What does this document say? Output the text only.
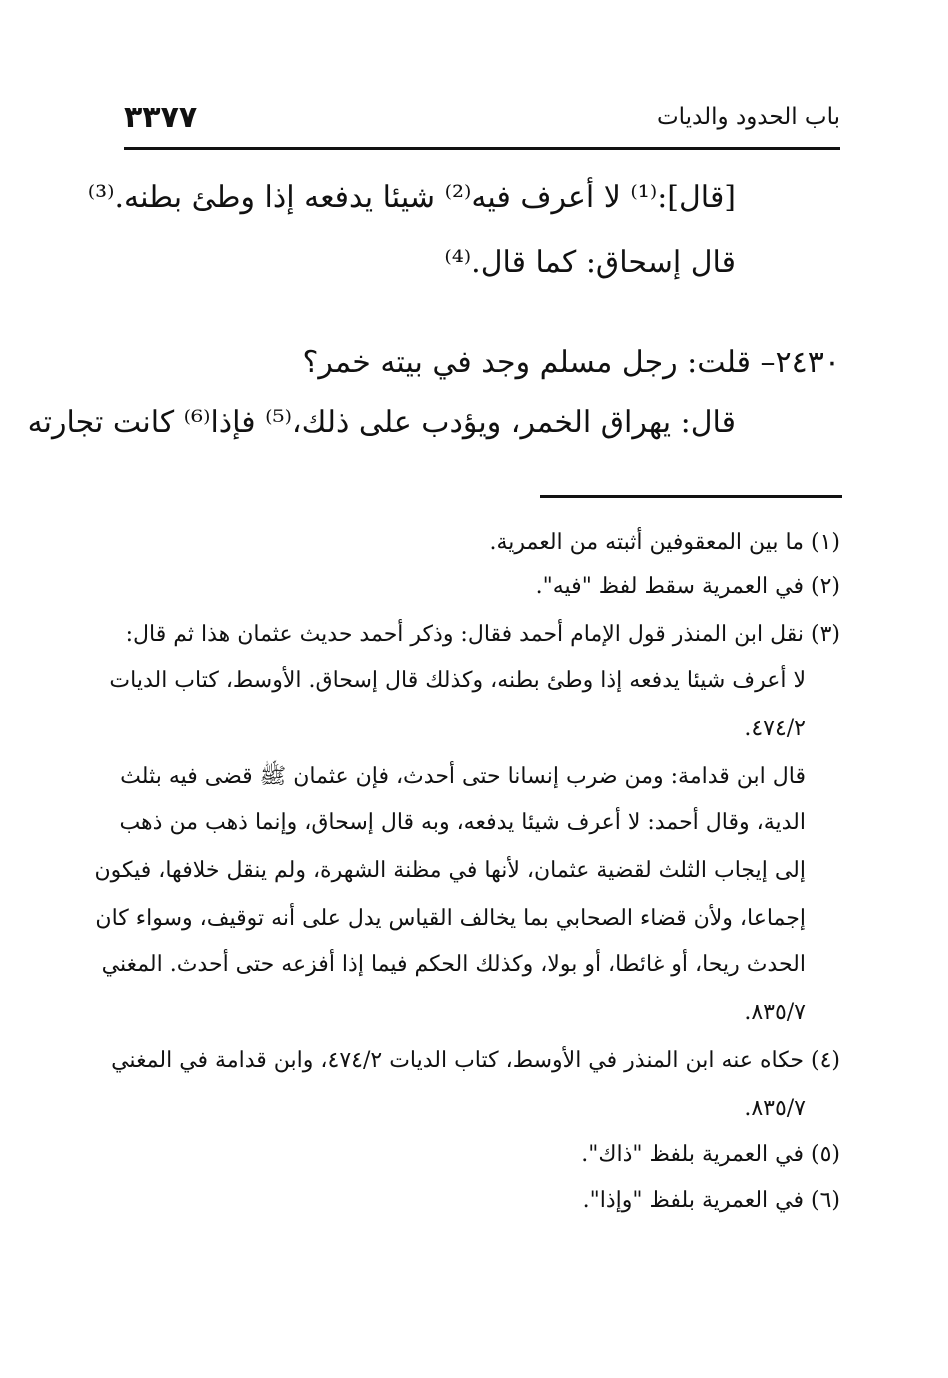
٣٣٧٧	باب الحدود والديات
[قال]:⁽¹⁾ لا أعرف فيه⁽²⁾ شيئا يدفعه إذا وطئ بطنه.⁽³⁾
قال إسحاق: كما قال.⁽⁴⁾
٢٤٣٠– قلت: رجل مسلم وجد في بيته خمر؟
قال: يهراق الخمر، ويؤدب على ذلك،⁽⁵⁾ فإذا⁽⁶⁾ كانت تجارته
(١) ما بين المعقوفين أثبته من العمرية.
(٢) في العمرية سقط لفظ "فيه".
(٣) نقل ابن المنذر قول الإمام أحمد فقال: وذكر أحمد حديث عثمان هذا ثم قال:
لا أعرف شيئا يدفعه إذا وطئ بطنه، وكذلك قال إسحاق. الأوسط، كتاب الديات
٤٧٤/٢.
قال ابن قدامة: ومن ضرب إنسانا حتى أحدث، فإن عثمان ﷺ قضى فيه بثلث
الدية، وقال أحمد: لا أعرف شيئا يدفعه، وبه قال إسحاق، وإنما ذهب من ذهب
إلى إيجاب الثلث لقضية عثمان، لأنها في مظنة الشهرة، ولم ينقل خلافها، فيكون
إجماعا، ولأن قضاء الصحابي بما يخالف القياس يدل على أنه توقيف، وسواء كان
الحدث ريحا، أو غائطا، أو بولا، وكذلك الحكم فيما إذا أفزعه حتى أحدث. المغني
٨٣٥/٧.
(٤) حكاه عنه ابن المنذر في الأوسط، كتاب الديات ٤٧٤/٢، وابن قدامة في المغني
٨٣٥/٧.
(٥) في العمرية بلفظ "ذاك".
(٦) في العمرية بلفظ "وإذا".
